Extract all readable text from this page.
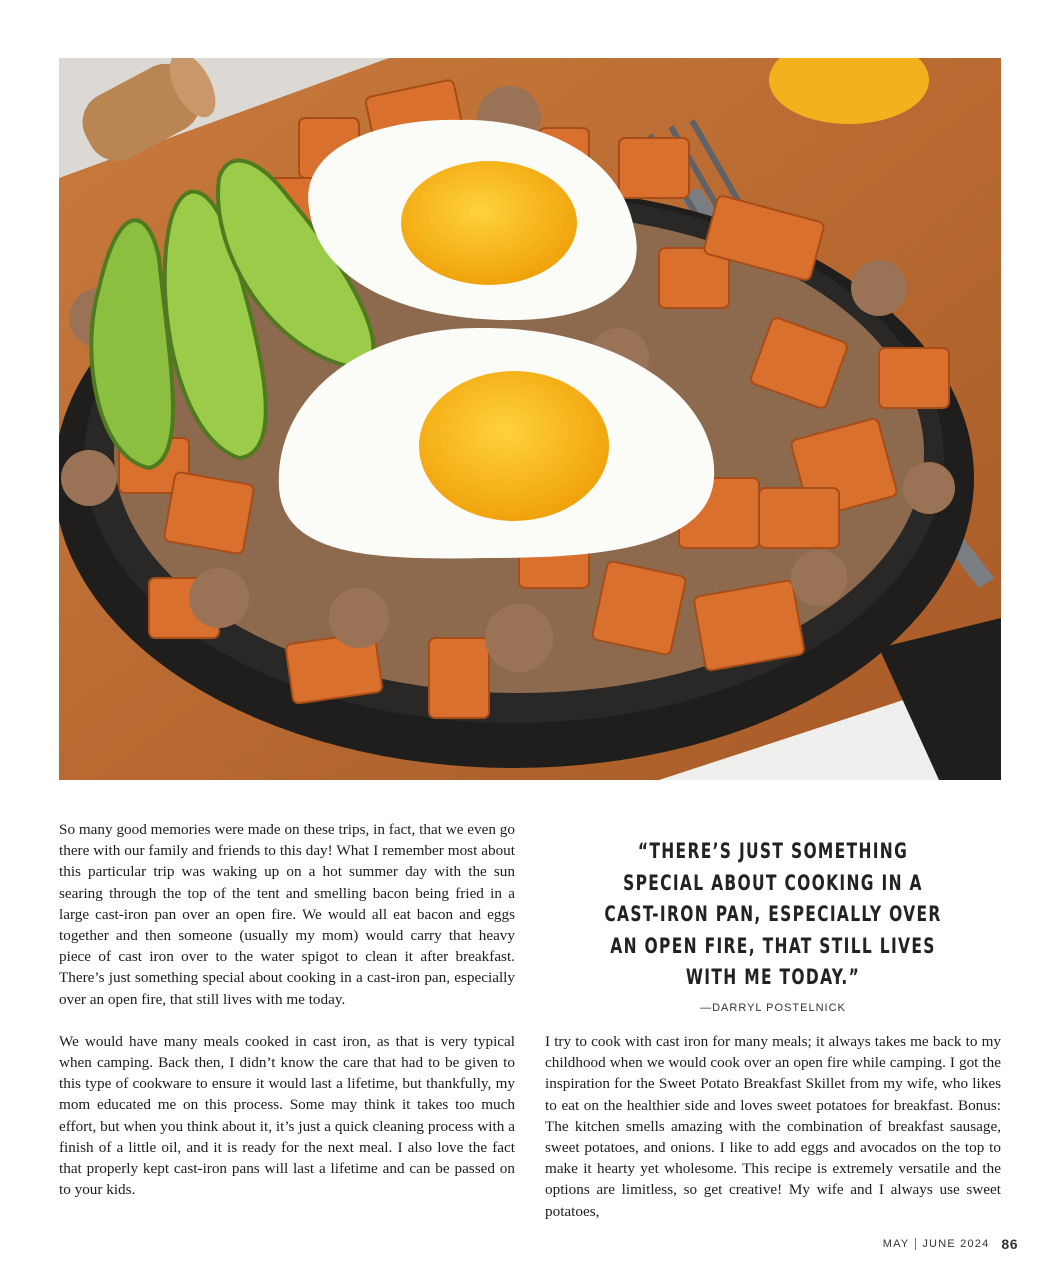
So many good memories were made on these trips, in fact, that we even go there with our family and friends to this day! What I remember most about this particular trip was waking up on a hot summer day with the sun searing through the top of the tent and smelling bacon being fried in a large cast-iron pan over an open fire. We would all eat bacon and eggs together and then someone (usually my mom) would carry that heavy piece of cast iron over to the water spigot to clean it after breakfast. There’s just something special about cooking in a cast-iron pan, especially over an open fire, that still lives with me today.

We would have many meals cooked in cast iron, as that is very typical when camping. Back then, I didn’t know the care that had to be given to this type of cookware to ensure it would last a lifetime, but thankfully, my mom educated me on this process. Some may think it takes too much effort, but when you think about it, it’s just a quick cleaning process with a finish of a little oil, and it is ready for the next meal. I also love the fact that properly kept cast-iron pans will last a lifetime and can be passed on to your kids.

“THERE’S JUST SOMETHING SPECIAL ABOUT COOKING IN A CAST-IRON PAN, ESPECIALLY OVER AN OPEN FIRE, THAT STILL LIVES WITH ME TODAY.”

—DARRYL POSTELNICK

I try to cook with cast iron for many meals; it always takes me back to my childhood when we would cook over an open fire while camping. I got the inspiration for the Sweet Potato Breakfast Skillet from my wife, who likes to eat on the healthier side and loves sweet potatoes for breakfast. Bonus: The kitchen smells amazing with the combination of breakfast sausage, sweet potatoes, and onions. I like to add eggs and avocados on the top to make it hearty yet wholesome. This recipe is extremely versatile and the options are limitless, so get creative! My wife and I always use sweet potatoes,

MAY JUNE 2024 86
